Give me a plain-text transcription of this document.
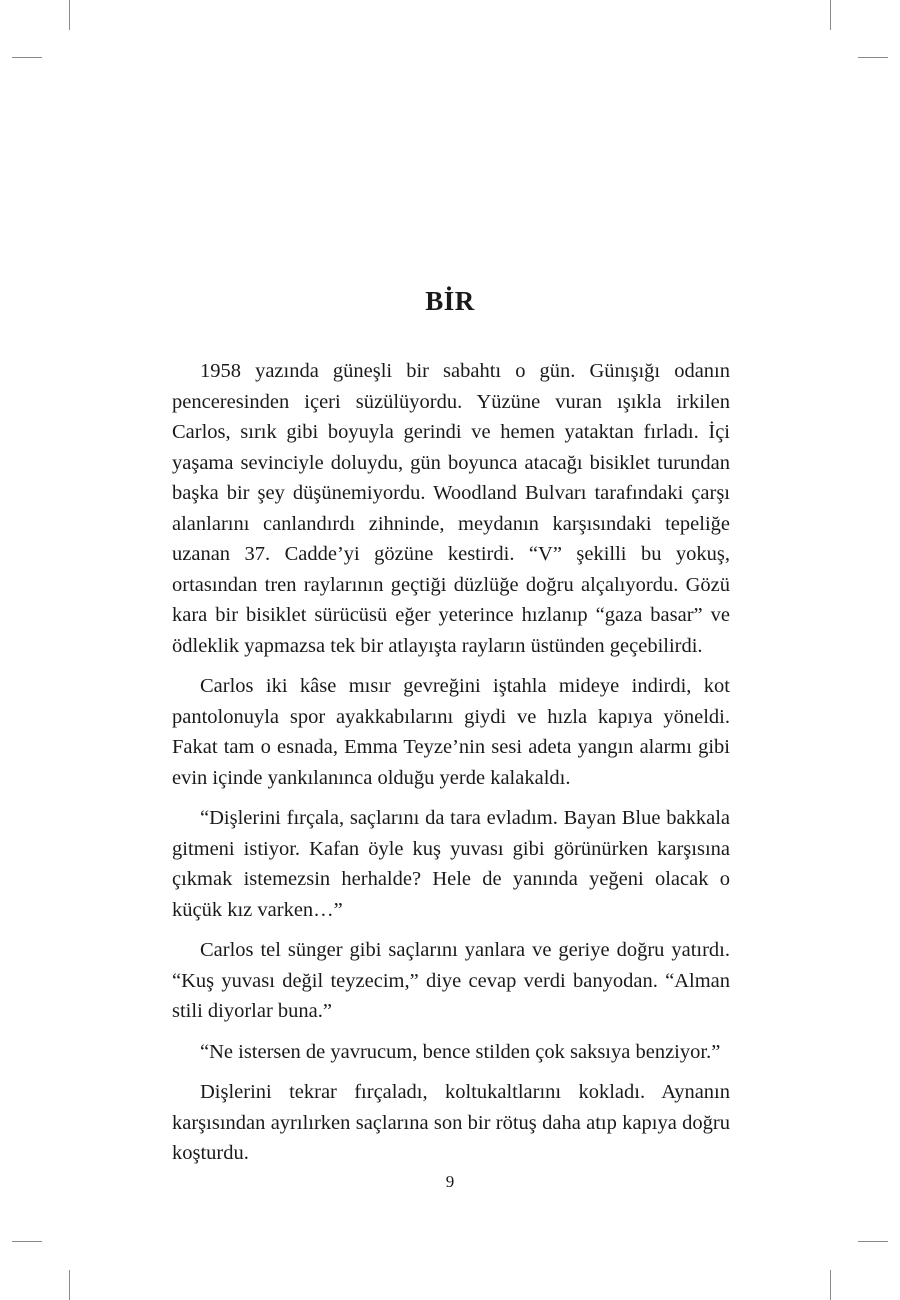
BİR

1958 yazında güneşli bir sabahtı o gün. Günışığı odanın penceresinden içeri süzülüyordu. Yüzüne vuran ışıkla irkilen Carlos, sırık gibi boyuyla gerindi ve hemen yataktan fırladı. İçi yaşama sevinciyle doluydu, gün boyunca atacağı bisiklet turundan başka bir şey düşünemiyordu. Woodland Bulvarı tarafındaki çarşı alanlarını canlandırdı zihninde, meydanın karşısındaki tepeliğe uzanan 37. Cadde’yi gözüne kestirdi. “V” şekilli bu yokuş, ortasından tren raylarının geçtiği düzlüğe doğru alçalıyordu. Gözü kara bir bisiklet sürücüsü eğer yeterince hızlanıp “gaza basar” ve ödleklik yapmazsa tek bir atlayışta rayların üstünden geçebilirdi.

Carlos iki kâse mısır gevreğini iştahla mideye indirdi, kot pantolonuyla spor ayakkabılarını giydi ve hızla kapıya yöneldi. Fakat tam o esnada, Emma Teyze’nin sesi adeta yangın alarmı gibi evin içinde yankılanınca olduğu yerde kalakaldı.

“Dişlerini fırçala, saçlarını da tara evladım. Bayan Blue bakkala gitmeni istiyor. Kafan öyle kuş yuvası gibi görünürken karşısına çıkmak istemezsin herhalde? Hele de yanında yeğeni olacak o küçük kız varken…”

Carlos tel sünger gibi saçlarını yanlara ve geriye doğru yatırdı. “Kuş yuvası değil teyzecim,” diye cevap verdi banyodan. “Alman stili diyorlar buna.”

“Ne istersen de yavrucum, bence stilden çok saksıya benziyor.”

Dişlerini tekrar fırçaladı, koltukaltlarını kokladı. Aynanın karşısından ayrılırken saçlarına son bir rötuş daha atıp kapıya doğru koşturdu.

9
